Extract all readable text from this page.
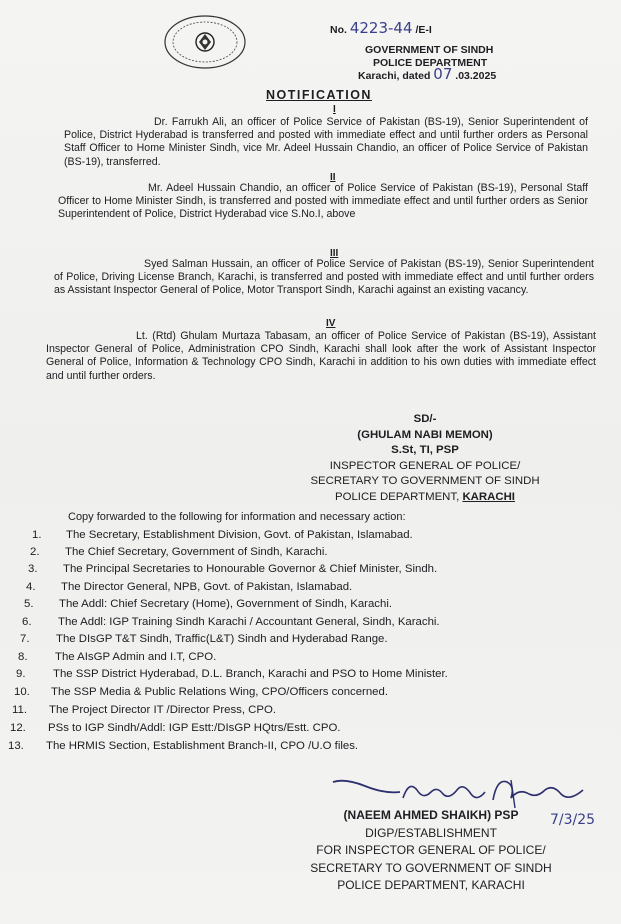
No. 4223-44 /E-I
GOVERNMENT OF SINDH
POLICE DEPARTMENT
Karachi, dated 07 .03.2025
NOTIFICATION
I

Dr. Farrukh Ali, an officer of Police Service of Pakistan (BS-19), Senior Superintendent of Police, District Hyderabad is transferred and posted with immediate effect and until further orders as Personal Staff Officer to Home Minister Sindh, vice Mr. Adeel Hussain Chandio, an officer of Police Service of Pakistan (BS-19), transferred.

II

Mr. Adeel Hussain Chandio, an officer of Police Service of Pakistan (BS-19), Personal Staff Officer to Home Minister Sindh, is transferred and posted with immediate effect and until further orders as Senior Superintendent of Police, District Hyderabad vice S.No.I, above

III

Syed Salman Hussain, an officer of Police Service of Pakistan (BS-19), Senior Superintendent of Police, Driving License Branch, Karachi, is transferred and posted with immediate effect and until further orders as Assistant Inspector General of Police, Motor Transport Sindh, Karachi against an existing vacancy.

IV

Lt. (Rtd) Ghulam Murtaza Tabasam, an officer of Police Service of Pakistan (BS-19), Assistant Inspector General of Police, Administration CPO Sindh, Karachi shall look after the work of Assistant Inspector General of Police, Information & Technology CPO Sindh, Karachi in addition to his own duties with immediate effect and until further orders.

SD/-
(GHULAM NABI MEMON)
S.St, TI, PSP
INSPECTOR GENERAL OF POLICE/
SECRETARY TO GOVERNMENT OF SINDH
POLICE DEPARTMENT, KARACHI
Copy forwarded to the following for information and necessary action:
1. The Secretary, Establishment Division, Govt. of Pakistan, Islamabad.
2. The Chief Secretary, Government of Sindh, Karachi.
3. The Principal Secretaries to Honourable Governor & Chief Minister, Sindh.
4. The Director General, NPB, Govt. of Pakistan, Islamabad.
5. The Addl: Chief Secretary (Home), Government of Sindh, Karachi.
6. The Addl: IGP Training Sindh Karachi / Accountant General, Sindh, Karachi.
7. The DIsGP T&T Sindh, Traffic(L&T) Sindh and Hyderabad Range.
8. The AIsGP Admin and I.T, CPO.
9. The SSP District Hyderabad, D.L. Branch, Karachi and PSO to Home Minister.
10. The SSP Media & Public Relations Wing, CPO/Officers concerned.
11. The Project Director IT /Director Press, CPO.
12. PSs to IGP Sindh/Addl: IGP Estt:/DIsGP HQtrs/Estt. CPO.
13. The HRMIS Section, Establishment Branch-II, CPO /U.O files.
(NAEEM AHMED SHAIKH) PSP
DIGP/ESTABLISHMENT
FOR INSPECTOR GENERAL OF POLICE/
SECRETARY TO GOVERNMENT OF SINDH
POLICE DEPARTMENT, KARACHI
7/3/25
